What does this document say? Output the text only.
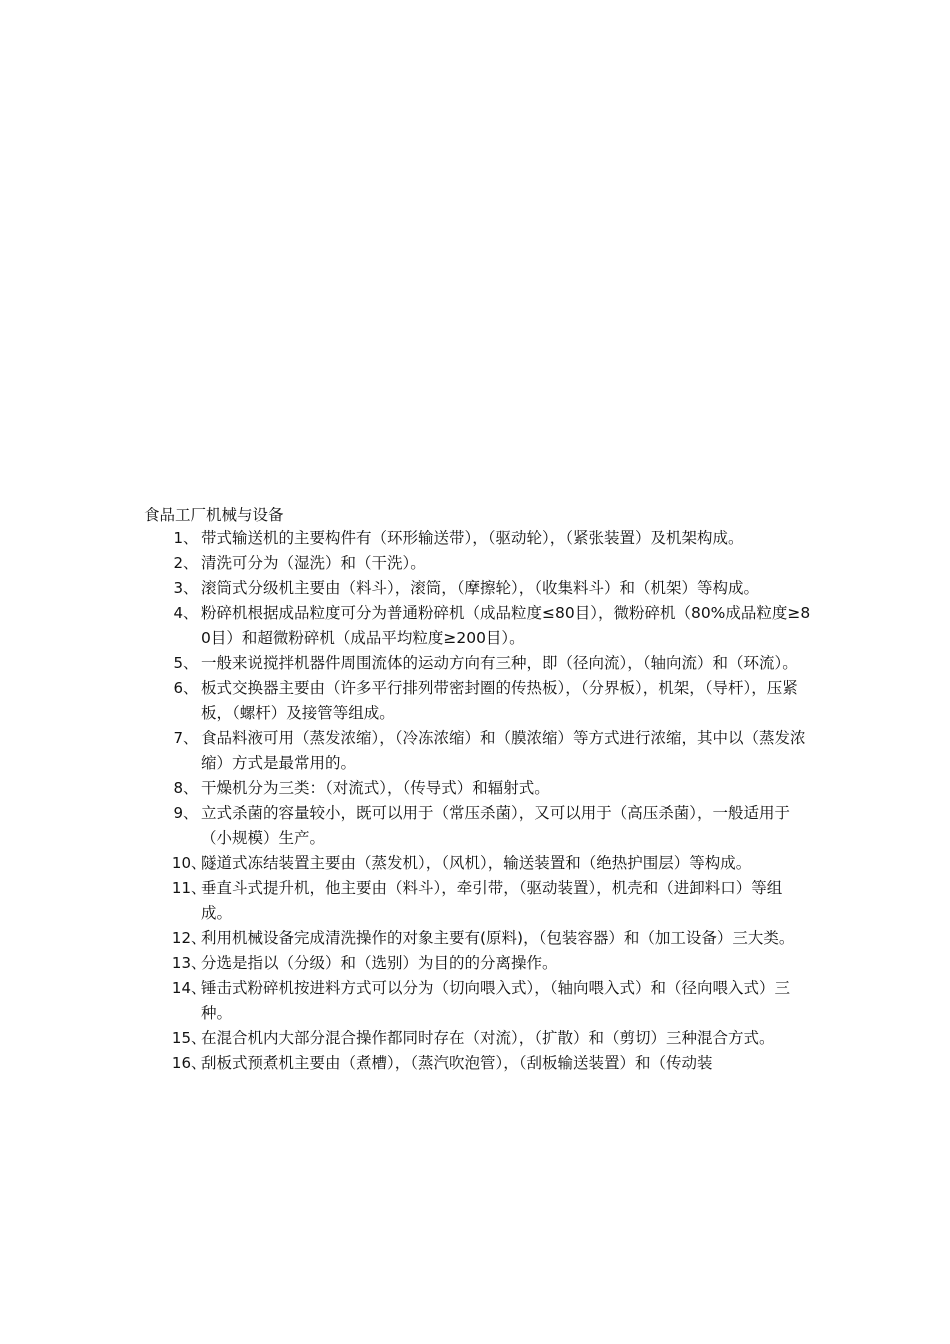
食品工厂机械与设备
1、 带式输送机的主要构件有（环形输送带），（驱动轮），（紧张装置）及机架构成。
2、 清洗可分为（湿洗）和（干洗）。
3、 滚筒式分级机主要由（料斗），滚筒，（摩擦轮），（收集料斗）和（机架）等构成。
4、 粉碎机根据成品粒度可分为普通粉碎机（成品粒度≤80目），微粉碎机（80%成品粒度≥80目）和超微粉碎机（成品平均粒度≥200目）。
5、 一般来说搅拌机器件周围流体的运动方向有三种，即（径向流），（轴向流）和（环流）。
6、 板式交换器主要由（许多平行排列带密封圈的传热板），（分界板），机架，（导杆），压紧板，（螺杆）及接管等组成。
7、 食品料液可用（蒸发浓缩），（冷冻浓缩）和（膜浓缩）等方式进行浓缩，其中以（蒸发浓缩）方式是最常用的。
8、 干燥机分为三类：（对流式），（传导式）和辐射式。
9、 立式杀菌的容量较小，既可以用于（常压杀菌），又可以用于（高压杀菌），一般适用于（小规模）生产。
10、
隧道式冻结装置主要由（蒸发机），（风机），输送装置和（绝热护围层）等构成。
11、
垂直斗式提升机，他主要由（料斗），牵引带，（驱动装置），机壳和（进卸料口）等组成。
12、
利用机械设备完成清洗操作的对象主要有(原料)，（包装容器）和（加工设备）三大类。
13、
分选是指以（分级）和（选别）为目的的分离操作。
14、
锤击式粉碎机按进料方式可以分为（切向喂入式），（轴向喂入式）和（径向喂入式）三种。
15、
在混合机内大部分混合操作都同时存在（对流），（扩散）和（剪切）三种混合方式。
16、
刮板式预煮机主要由（煮槽），（蒸汽吹泡管），（刮板输送装置）和（传动装
